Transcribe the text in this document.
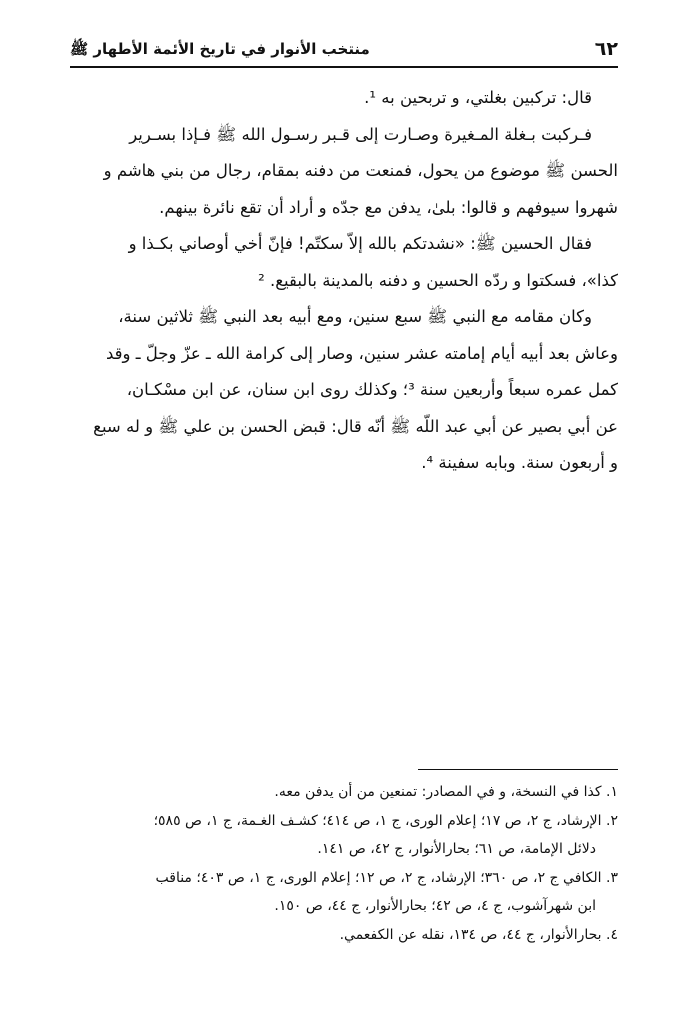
٦٢
منتخب الأنوار في تاريخ الأئمة الأطهار ﷺ

قال: تركبين بغلتي، و تربحين به ¹.

فـركبت بـغلة المـغيرة وصـارت إلى قـبر رسـول الله ﷺ فـإذا بسـرير

الحسن ﷺ موضوع من يحول، فمنعت من دفنه بمقام، رجال من بني هاشم و

شهروا سيوفهم و قالوا: بلىٰ، يدفن مع جدّه و أراد أن تقع نائرة بينهم.

فقال الحسين ﷺ: «نشدتكم بالله إلاّ سكتّم! فإنّ أخي أوصاني بكـذا و

كذا»، فسكتوا و ردّه الحسين و دفنه بالمدينة بالبقيع. ²

وكان مقامه مع النبي ﷺ سبع سنين، ومع أبيه بعد النبي ﷺ ثلاثين سنة،

وعاش بعد أبيه أيام إمامته عشر سنين، وصار إلى كرامة الله ـ عزّ وجلّ ـ وقد

كمل عمره سبعاً وأربعين سنة ³؛ وكذلك روى ابن سنان، عن ابن مسْكـان،

عن أبي بصير عن أبي عبد اللّه ﷺ أنّه قال: قبض الحسن بن علي ﷺ و له سبع

و أربعون سنة. وبابه سفينة ⁴.

١. كذا في النسخة، و في المصادر: تمنعين من أن يدفن معه.

٢. الإرشاد، ج ٢، ص ١٧؛ إعلام الورى، ج ١، ص ٤١٤؛ كشـف الغـمة، ج ١، ص ٥٨٥؛

دلائل الإمامة، ص ٦١؛ بحارالأنوار، ج ٤٢، ص ١٤١.

٣. الكافي ج ٢، ص ٣٦٠؛ الإرشاد، ج ٢، ص ١٢؛ إعلام الورى، ج ١، ص ٤٠٣؛ مناقب

ابن شهرآشوب، ج ٤، ص ٤٢؛ بحارالأنوار، ج ٤٤، ص ١٥٠.

٤. بحارالأنوار، ج ٤٤، ص ١٣٤، نقله عن الكفعمي.
